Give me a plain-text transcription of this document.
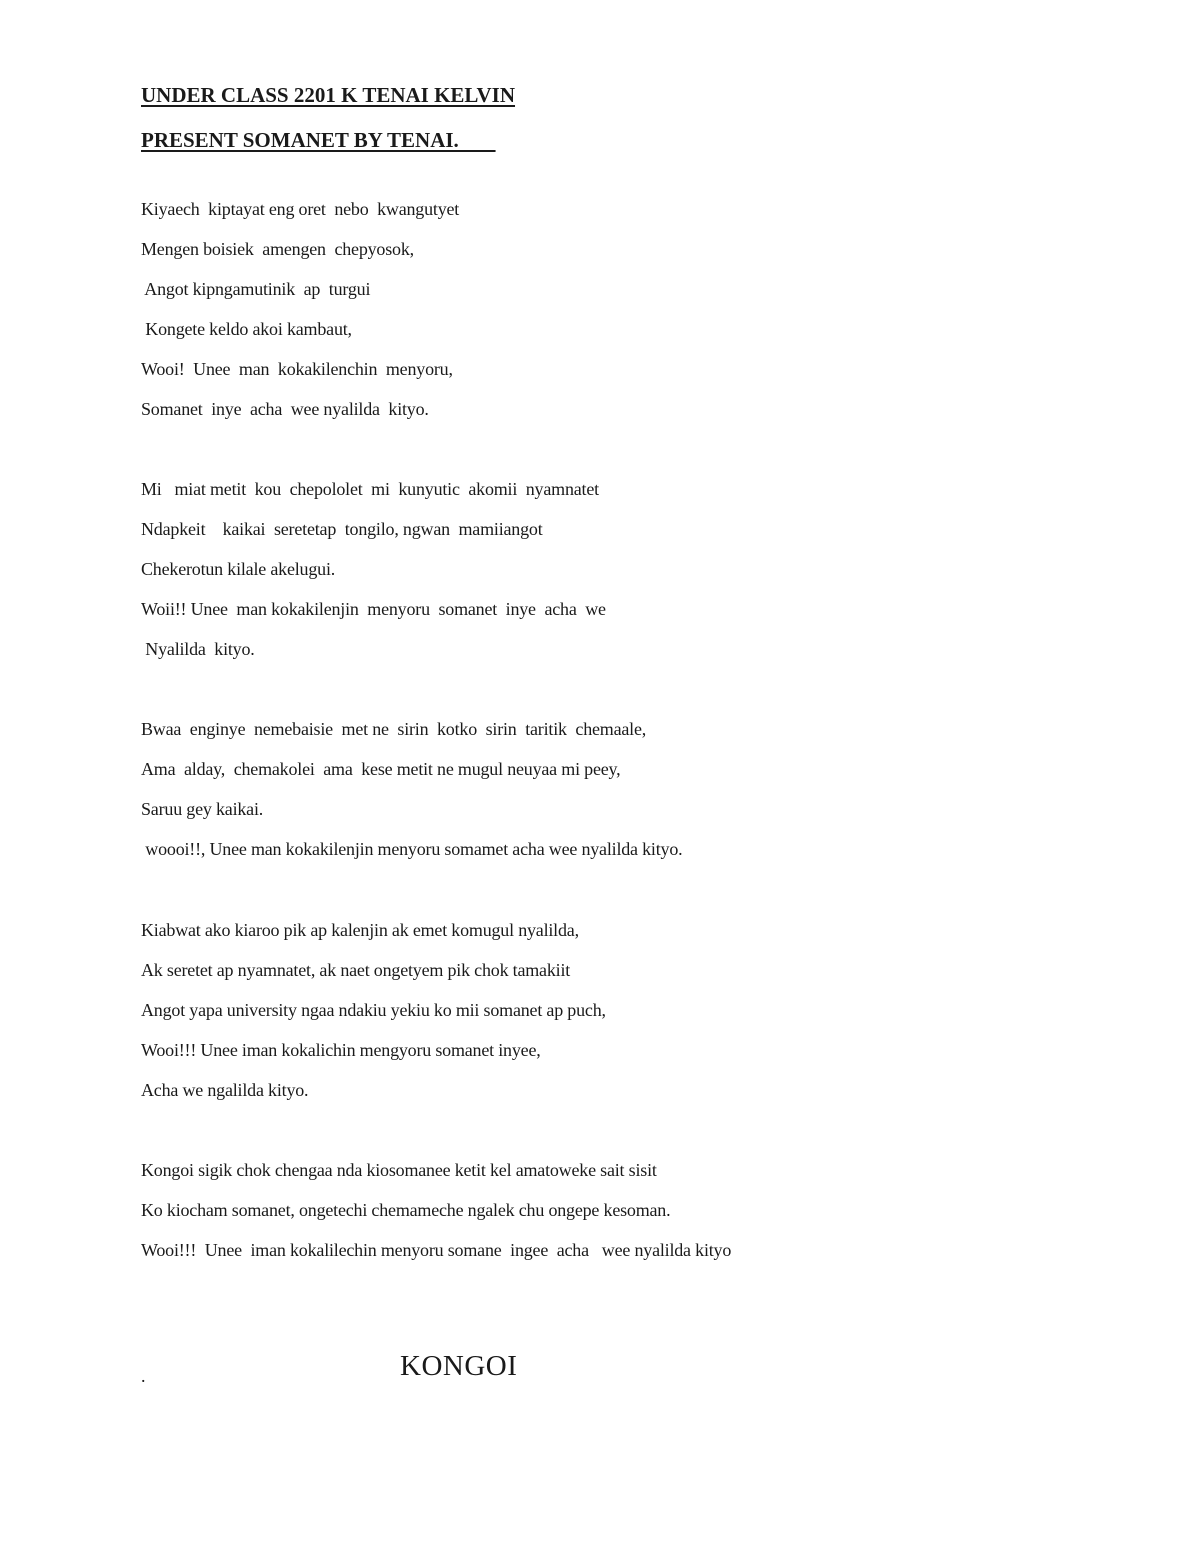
UNDER CLASS 2201 K TENAI KELVIN
PRESENT SOMANET BY TENAI.
Kiyaech  kiptayat eng oret  nebo  kwangutyet
Mengen boisiek  amengen  chepyosok,
Angot kipngamutinik  ap  turgui
Kongete keldo akoi kambaut,
Wooi!  Unee  man  kokakilenchin  menyoru,
Somanet  inye  acha  wee nyalilda  kityo.
Mi   miat metit  kou  chepololet  mi  kunyutic  akomii  nyamnatet
Ndapkeit    kaikai  seretetap  tongilo, ngwan  mamiiangot
Chekerotun kilale akelugui.
Woii!! Unee  man kokakilenjin  menyoru  somanet  inye  acha  we
Nyalilda  kityo.
Bwaa  enginye  nemebaisie  met ne  sirin  kotko  sirin  taritik  chemaale,
Ama  alday,  chemakolei  ama  kese metit ne mugul neuyaa mi peey,
Saruu gey kaikai.
woooi!!, Unee man kokakilenjin menyoru somamet acha wee nyalilda kityo.
Kiabwat ako kiaroo pik ap kalenjin ak emet komugul nyalilda,
Ak seretet ap nyamnatet, ak naet ongetyem pik chok tamakiit
Angot yapa university ngaa ndakiu yekiu ko mii somanet ap puch,
Wooi!!! Unee iman kokalichin mengyoru somanet inyee,
Acha we ngalilda kityo.
Kongoi sigik chok chengaa nda kiosomanee ketit kel amatoweke sait sisit
Ko kiocham somanet, ongetechi chemameche ngalek chu ongepe kesoman.
Wooi!!!  Unee  iman kokalilechin menyoru somane  ingee  acha   wee nyalilda kityo
.	KONGOI
